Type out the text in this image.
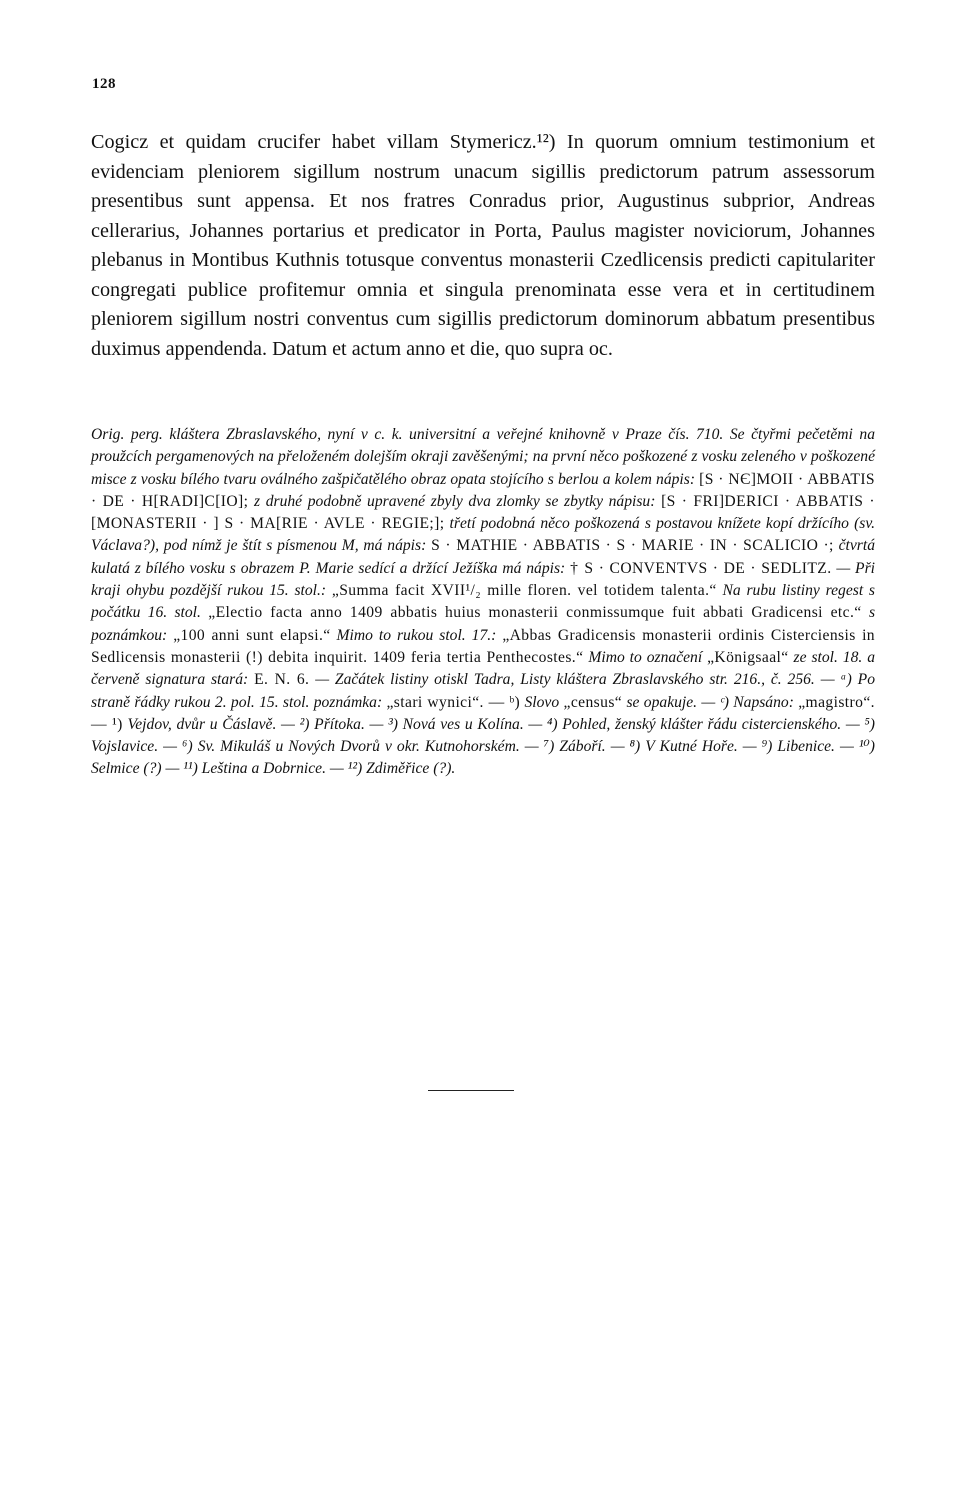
128

Cogicz et quidam crucifer habet villam Stymericz.¹²) In quorum omnium testimonium et evidenciam pleniorem sigillum nostrum unacum sigillis predictorum patrum assessorum presentibus sunt appensa. Et nos fratres Conradus prior, Augustinus subprior, Andreas cellerarius, Johannes portarius et predicator in Porta, Paulus magister noviciorum, Johannes plebanus in Montibus Kuthnis totusque conventus monasterii Czedlicensis predicti capitulariter congregati publice profitemur omnia et singula prenominata esse vera et in certitudinem pleniorem sigillum nostri conventus cum sigillis predictorum dominorum abbatum presentibus duximus appendenda. Datum et actum anno et die, quo supra oc.

Orig. perg. kláštera Zbraslavského, nyní v c. k. universitní a veřejné knihovně v Praze čís. 710. Se čtyřmi pečetěmi na proužcích pergamenových na přeloženém dolejším okraji zavěšenými; na první něco poškozené z vosku zeleného v poškozené misce z vosku bílého tvaru oválného zašpičatělého obraz opata stojícího s berlou a kolem nápis: [S · NЄ]MOII · ABBATIS · DE · H[RADI]C[IO]; z druhé podobně upravené zbyly dva zlomky se zbytky nápisu: [S · FRI]DERICI · ABBATIS · [MONASTERII · ] S · MA[RIE · AVLE · REGIE;]; třetí podobná něco poškozená s postavou knížete kopí držícího (sv. Václava?), pod nímž je štít s písmenou M, má nápis: S · MATHIE · ABBATIS · S · MARIE · IN · SCALICIO ·; čtvrtá kulatá z bílého vosku s obrazem P. Marie sedící a držící Ježíška má nápis: † S · CONVENTVS · DE · SEDLITZ. — Při kraji ohybu pozdější rukou 15. stol.: „Summa facit XVII¹/₂ mille floren. vel totidem talenta.“ Na rubu listiny regest s počátku 16. stol. „Electio facta anno 1409 abbatis huius monasterii conmissumque fuit abbati Gradicensi etc.“ s poznámkou: „100 anni sunt elapsi.“ Mimo to rukou stol. 17.: „Abbas Gradicensis monasterii ordinis Cisterciensis in Sedlicensis monasterii (!) debita inquirit. 1409 feria tertia Penthecostes.“ Mimo to označení „Königsaal“ ze stol. 18. a červeně signatura stará: E. N. 6. — Začátek listiny otiskl Tadra, Listy kláštera Zbraslavského str. 216., č. 256. — ᵃ) Po straně řádky rukou 2. pol. 15. stol. poznámka: „stari wynici“. — ᵇ) Slovo „census“ se opakuje. — ᶜ) Napsáno: „magistro“. — ¹) Vejdov, dvůr u Čáslavě. — ²) Přítoka. — ³) Nová ves u Kolína. — ⁴) Pohled, ženský klášter řádu cistercienského. — ⁵) Vojslavice. — ⁶) Sv. Mikuláš u Nových Dvorů v okr. Kutnohorském. — ⁷) Záboří. — ⁸) V Kutné Hoře. — ⁹) Libenice. — ¹⁰) Selmice (?) — ¹¹) Leština a Dobrnice. — ¹²) Zdiměřice (?).
